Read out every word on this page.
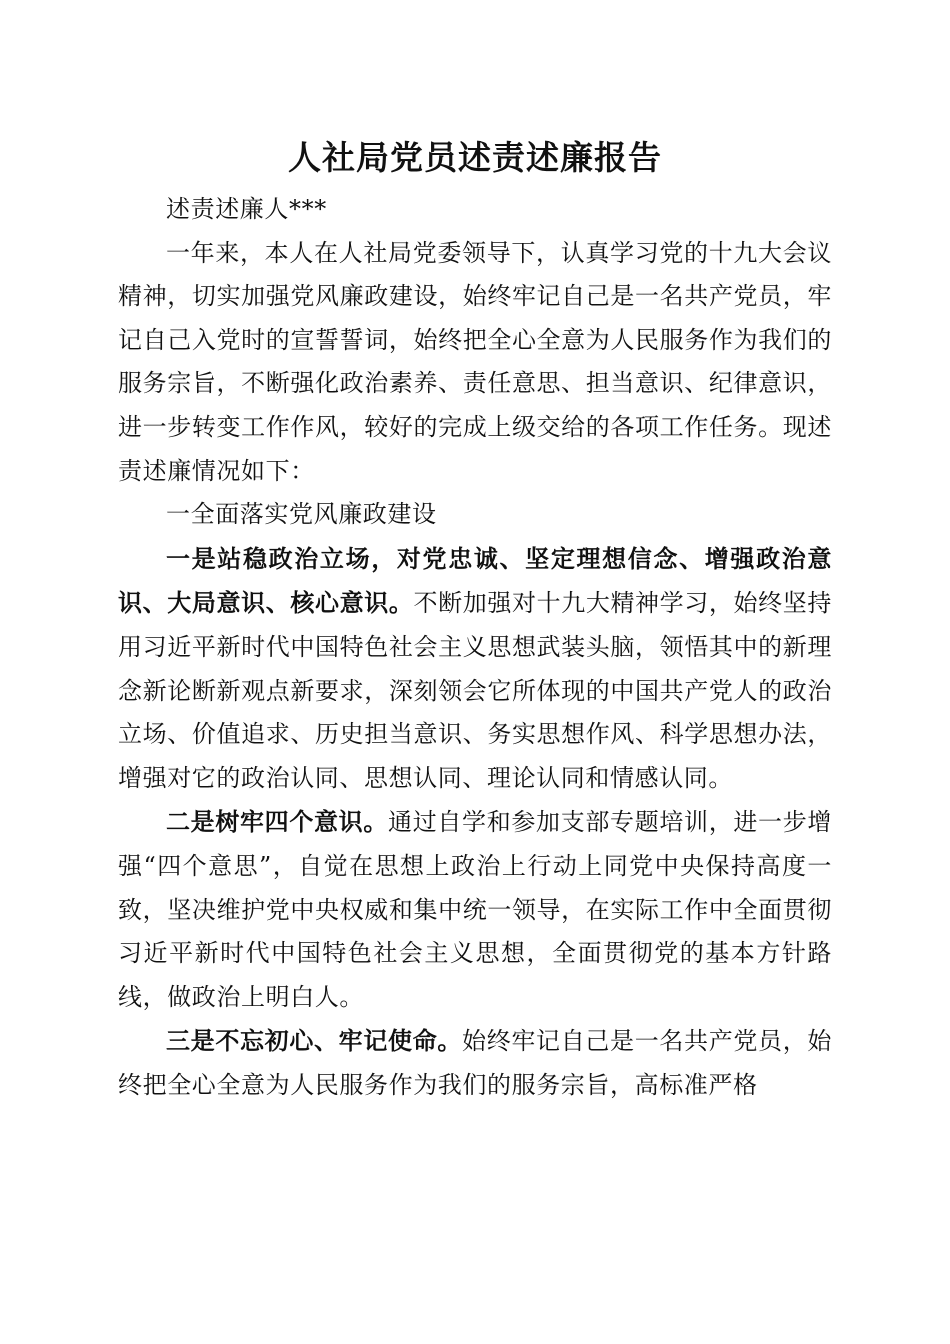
人社局党员述责述廉报告

述责述廉人***

一年来，本人在人社局党委领导下，认真学习党的十九大会议精神，切实加强党风廉政建设，始终牢记自己是一名共产党员，牢记自己入党时的宣誓誓词，始终把全心全意为人民服务作为我们的服务宗旨，不断强化政治素养、责任意思、担当意识、纪律意识，进一步转变工作作风，较好的完成上级交给的各项工作任务。现述责述廉情况如下：

一全面落实党风廉政建设

一是站稳政治立场，对党忠诚、坚定理想信念、增强政治意识、大局意识、核心意识。不断加强对十九大精神学习，始终坚持用习近平新时代中国特色社会主义思想武装头脑，领悟其中的新理念新论断新观点新要求，深刻领会它所体现的中国共产党人的政治立场、价值追求、历史担当意识、务实思想作风、科学思想办法，增强对它的政治认同、思想认同、理论认同和情感认同。

二是树牢四个意识。通过自学和参加支部专题培训，进一步增强“四个意思”，自觉在思想上政治上行动上同党中央保持高度一致，坚决维护党中央权威和集中统一领导，在实际工作中全面贯彻习近平新时代中国特色社会主义思想，全面贯彻党的基本方针路线，做政治上明白人。

三是不忘初心、牢记使命。始终牢记自己是一名共产党员，始终把全心全意为人民服务作为我们的服务宗旨，高标准严格
